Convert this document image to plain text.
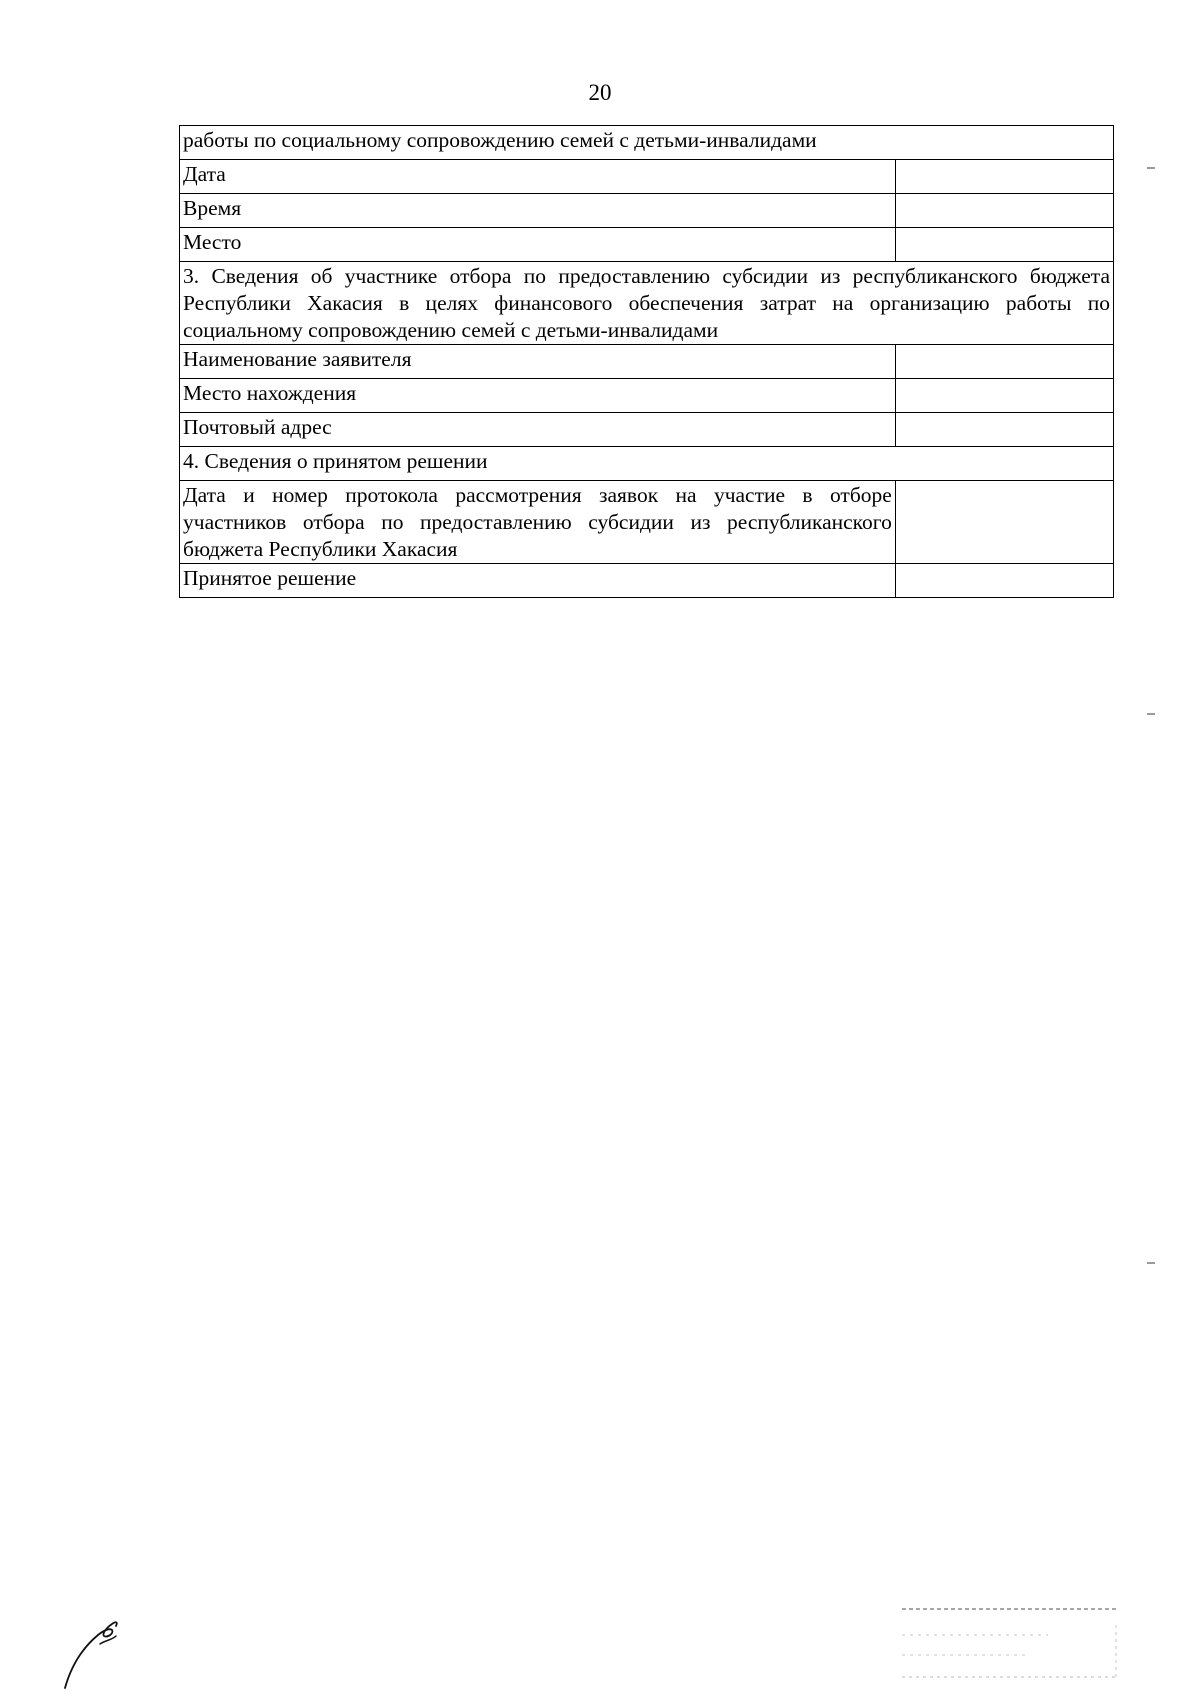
20
работы по социальному сопровождению семей с детьми-инвалидами	
Дата	
Время	
Место	
3. Сведения об участнике отбора по предоставлению субсидии из республиканского бюджета Республики Хакасия в целях финансового обеспечения затрат на организацию работы по социальному сопровождению семей с детьми-инвалидами	
Наименование заявителя	
Место нахождения	
Почтовый адрес	
4. Сведения о принятом решении	
Дата и номер протокола рассмотрения заявок на участие в отборе участников отбора по предоставлению субсидии из республиканского бюджета Республики Хакасия	
Принятое решение	
